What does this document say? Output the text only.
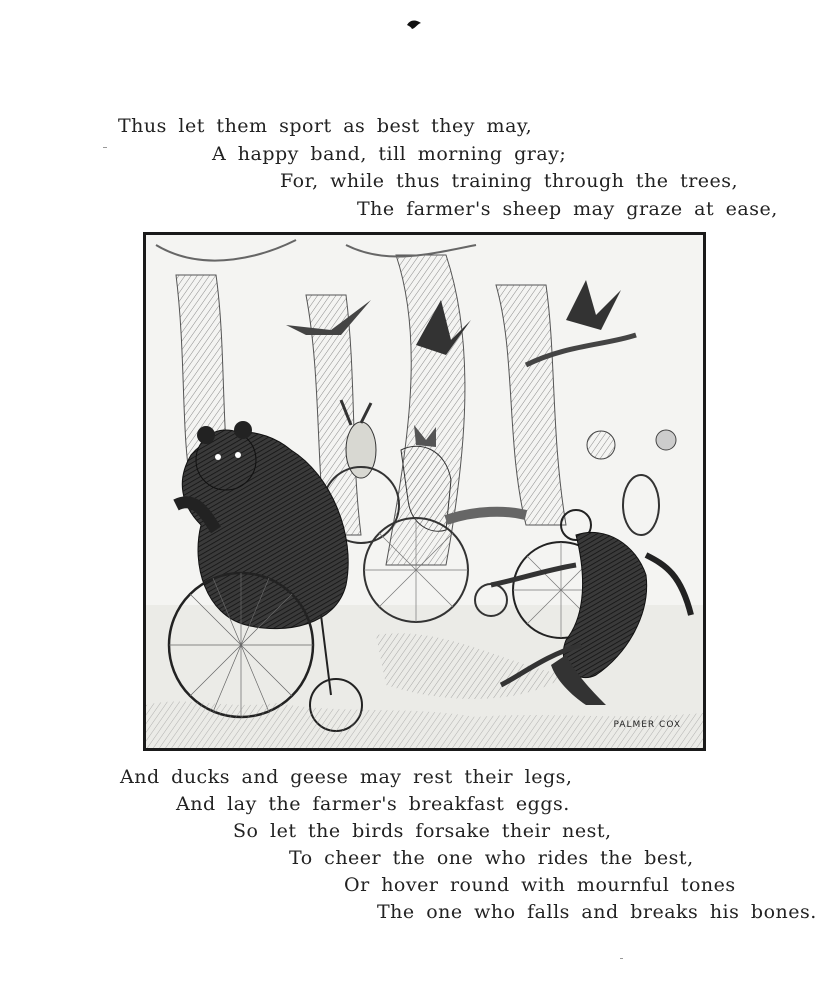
Thus let them sport as best they may,
A happy band, till morning gray;
For, while thus training through the trees,
The farmer's sheep may graze at ease,
And ducks and geese may rest their legs,
And lay the farmer's breakfast eggs.
So let the birds forsake their nest,
To cheer the one who rides the best,
Or hover round with mournful tones
The one who falls and breaks his bones.
PALMER COX
